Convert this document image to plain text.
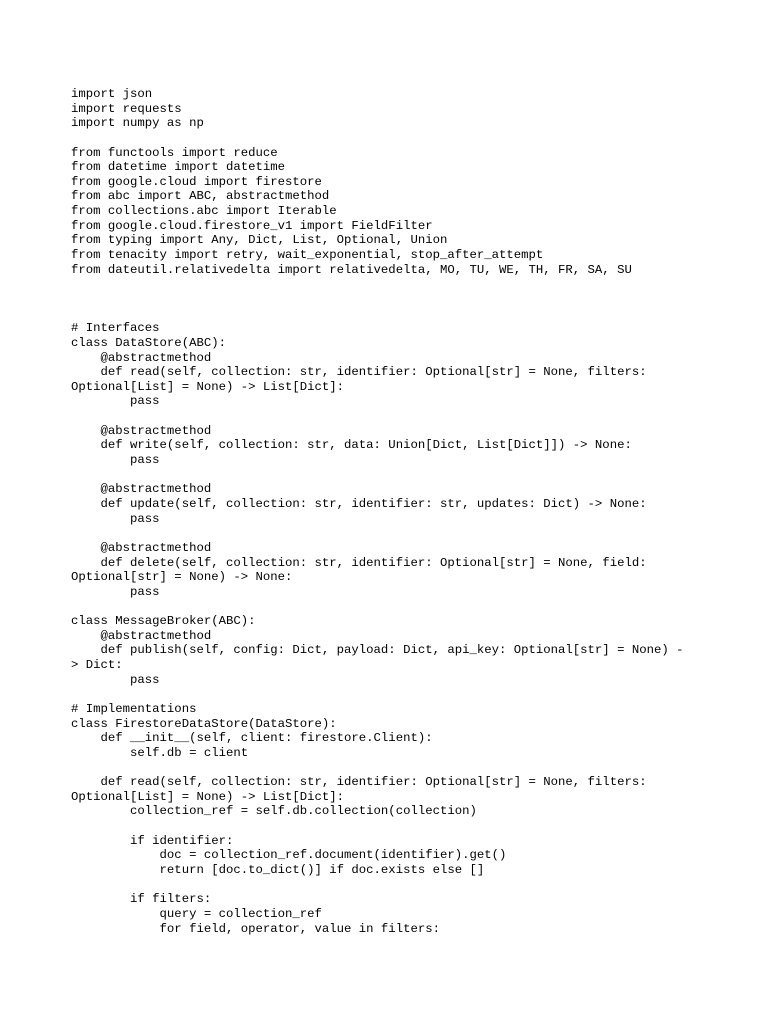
import json
import requests
import numpy as np
from functools import reduce
from datetime import datetime
from google.cloud import firestore
from abc import ABC, abstractmethod
from collections.abc import Iterable
from google.cloud.firestore_v1 import FieldFilter
from typing import Any, Dict, List, Optional, Union
from tenacity import retry, wait_exponential, stop_after_attempt
from dateutil.relativedelta import relativedelta, MO, TU, WE, TH, FR, SA, SU
# Interfaces
class DataStore(ABC):
@abstractmethod
def read(self, collection: str, identifier: Optional[str] = None, filters:
Optional[List] = None) -> List[Dict]:
pass
@abstractmethod
def write(self, collection: str, data: Union[Dict, List[Dict]]) -> None:
pass
@abstractmethod
def update(self, collection: str, identifier: str, updates: Dict) -> None:
pass
@abstractmethod
def delete(self, collection: str, identifier: Optional[str] = None, field:
Optional[str] = None) -> None:
pass
class MessageBroker(ABC):
@abstractmethod
def publish(self, config: Dict, payload: Dict, api_key: Optional[str] = None) -
> Dict:
pass
# Implementations
class FirestoreDataStore(DataStore):
def __init__(self, client: firestore.Client):
self.db = client
def read(self, collection: str, identifier: Optional[str] = None, filters:
Optional[List] = None) -> List[Dict]:
collection_ref = self.db.collection(collection)
if identifier:
doc = collection_ref.document(identifier).get()
return [doc.to_dict()] if doc.exists else []
if filters:
query = collection_ref
for field, operator, value in filters:
